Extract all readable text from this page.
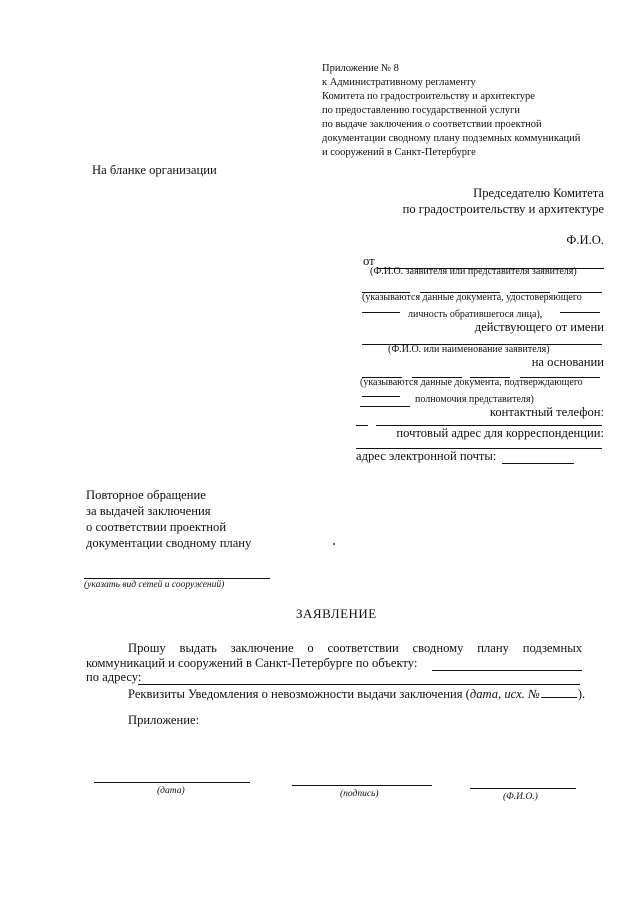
Приложение № 8
к Административному регламенту
Комитета по градостроительству и архитектуре
по предоставлению государственной услуги
по выдаче заключения о соответствии проектной
документации сводному плану подземных коммуникаций
и сооружений в Санкт-Петербурге
На бланке организации
Председателю Комитета
по градостроительству и архитектуре
Ф.И.О.
от
(Ф.И.О. заявителя или представителя заявителя)
(указываются данные документа, удостоверяющего
личность обратившегося лица),
действующего от имени
(Ф.И.О. или наименование заявителя)
на основании
(указываются данные документа, подтверждающего
полномочия представителя)
контактный телефон:
почтовый адрес для корреспонденции:
адрес электронной почты:
Повторное обращение
за выдачей заключения
о соответствии проектной
документации сводному плану
(указать вид сетей и сооружений)
ЗАЯВЛЕНИЕ
Прошу выдать заключение о соответствии сводному плану подземных
коммуникаций и сооружений в Санкт-Петербурге по объекту:
по адресу:
Реквизиты Уведомления о невозможности выдачи заключения (дата, исх. №	).
Приложение:
(дата)	(подпись)	(Ф.И.О.)
